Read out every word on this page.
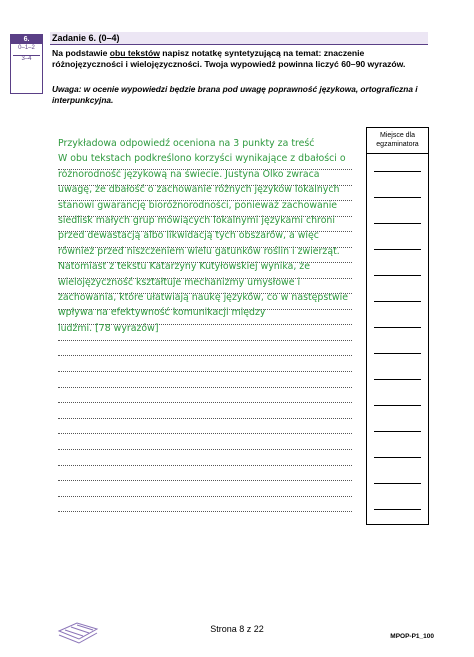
6.
0–1–2
3–4
Zadanie 6. (0–4)
Na podstawie obu tekstów napisz notatkę syntetyzującą na temat: znaczenie różnojęzyczności i wielojęzyczności. Twoja wypowiedź powinna liczyć 60–90 wyrazów.
Uwaga: w ocenie wypowiedzi będzie brana pod uwagę poprawność językowa, ortograficzna i interpunkcyjna.
Miejsce dla egzaminatora
Przykładowa odpowiedź oceniona na 3 punkty za treść
W obu tekstach podkreślono korzyści wynikające z dbałości o
różnorodność językową na świecie. Justyna Olko zwraca
uwagę, że dbałość o zachowanie różnych języków lokalnych
stanowi gwarancję bioróżnorodności, ponieważ zachowanie
siedlisk małych grup mówiących lokalnymi językami chroni
przed dewastacją albo likwidacją tych obszarów, a więc
również przed niszczeniem wielu gatunków roślin i zwierząt.
Natomiast z tekstu Katarzyny Kutyłowskiej wynika, że
wielojęzyczność kształtuje mechanizmy umysłowe i
zachowania, które ułatwiają naukę języków, co w następstwie
wpływa na efektywność komunikacji między
ludźmi. [78 wyrazów]
Strona 8 z 22
MPOP-P1_100
